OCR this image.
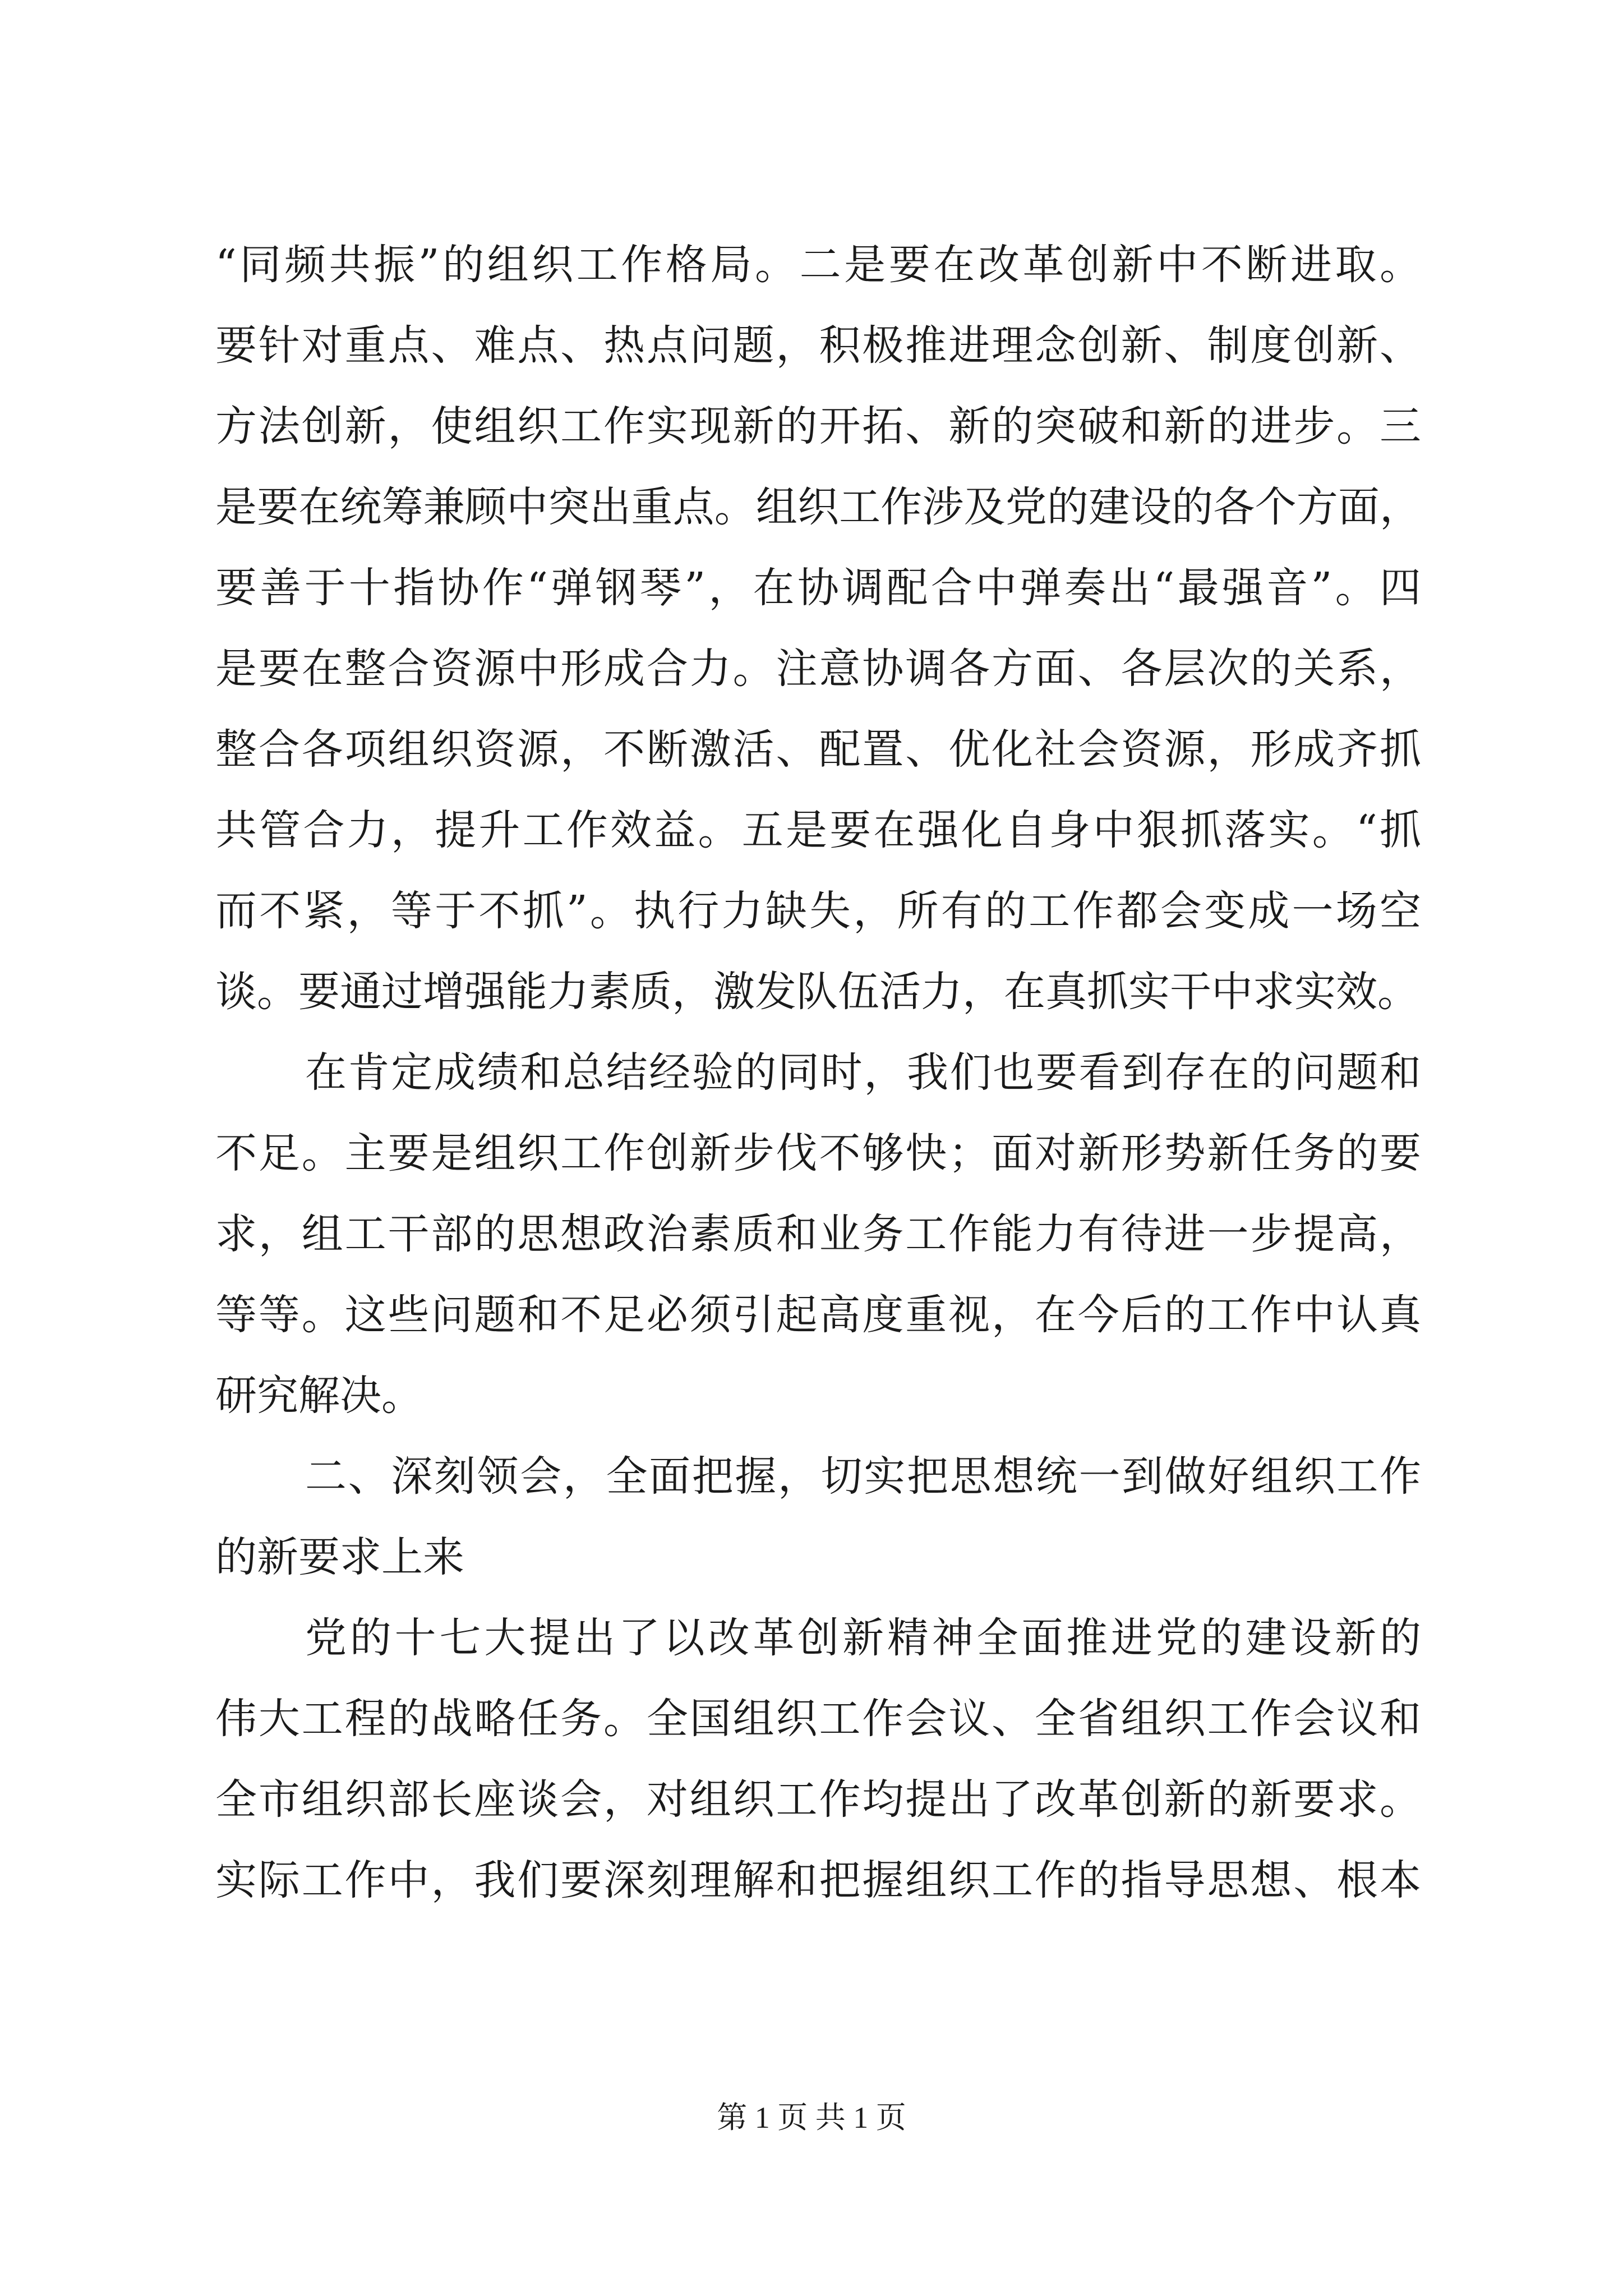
“同频共振”的组织工作格局。二是要在改革创新中不断进取。
要针对重点、难点、热点问题，积极推进理念创新、制度创新、
方法创新，使组织工作实现新的开拓、新的突破和新的进步。三
是要在统筹兼顾中突出重点。组织工作涉及党的建设的各个方面，
要善于十指协作“弹钢琴”，在协调配合中弹奏出“最强音”。四
是要在整合资源中形成合力。注意协调各方面、各层次的关系，
整合各项组织资源，不断激活、配置、优化社会资源，形成齐抓
共管合力，提升工作效益。五是要在强化自身中狠抓落实。“抓
而不紧，等于不抓”。执行力缺失，所有的工作都会变成一场空
谈。要通过增强能力素质，激发队伍活力，在真抓实干中求实效。
在肯定成绩和总结经验的同时，我们也要看到存在的问题和
不足。主要是组织工作创新步伐不够快；面对新形势新任务的要
求，组工干部的思想政治素质和业务工作能力有待进一步提高，
等等。这些问题和不足必须引起高度重视，在今后的工作中认真
研究解决。
二、深刻领会，全面把握，切实把思想统一到做好组织工作
的新要求上来
党的十七大提出了以改革创新精神全面推进党的建设新的
伟大工程的战略任务。全国组织工作会议、全省组织工作会议和
全市组织部长座谈会，对组织工作均提出了改革创新的新要求。
实际工作中，我们要深刻理解和把握组织工作的指导思想、根本
第 1 页 共 1 页
